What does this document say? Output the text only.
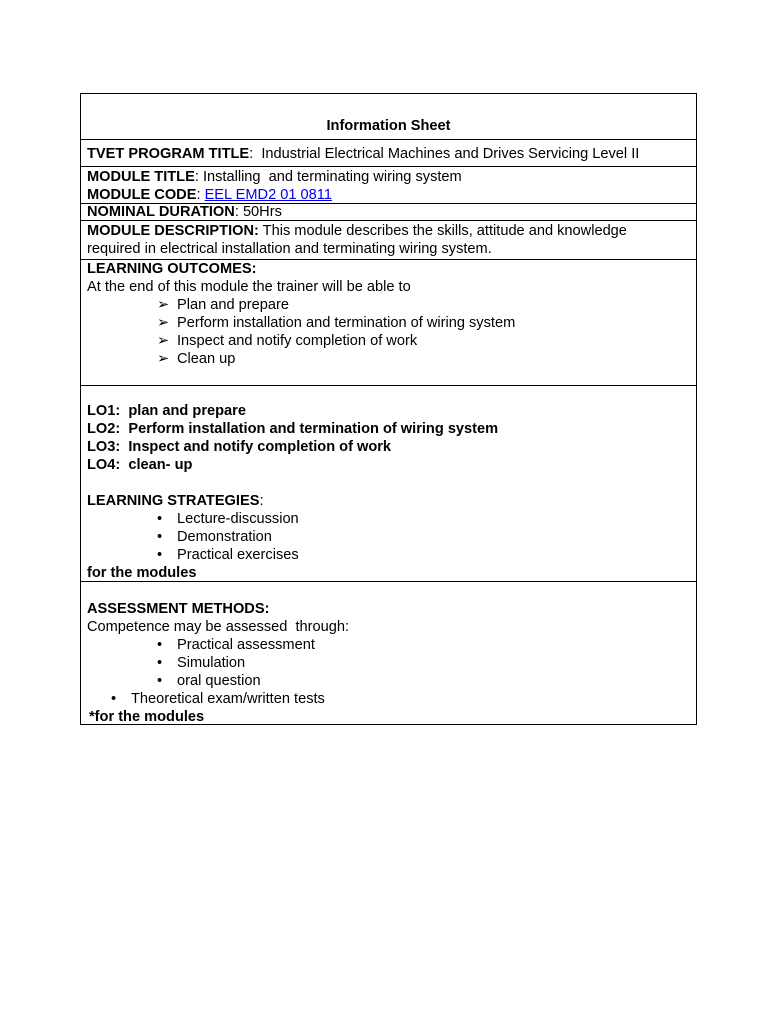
Information Sheet
TVET PROGRAM TITLE:  Industrial Electrical Machines and Drives Servicing Level II
MODULE TITLE: Installing  and terminating wiring system
MODULE CODE: EEL EMD2 01 0811
NOMINAL DURATION: 50Hrs
MODULE DESCRIPTION: This module describes the skills, attitude and knowledge
required in electrical installation and terminating wiring system.
LEARNING OUTCOMES:
At the end of this module the trainer will be able to
➢ Plan and prepare
➢ Perform installation and termination of wiring system
➢ Inspect and notify completion of work
➢ Clean up
LO1:  plan and prepare
LO2:  Perform installation and termination of wiring system
LO3:  Inspect and notify completion of work
LO4:  clean- up
LEARNING STRATEGIES:
• Lecture-discussion
• Demonstration
• Practical exercises
for the modules
ASSESSMENT METHODS:
Competence may be assessed  through:
• Practical assessment
• Simulation
• oral question
• Theoretical exam/written tests
*for the modules
